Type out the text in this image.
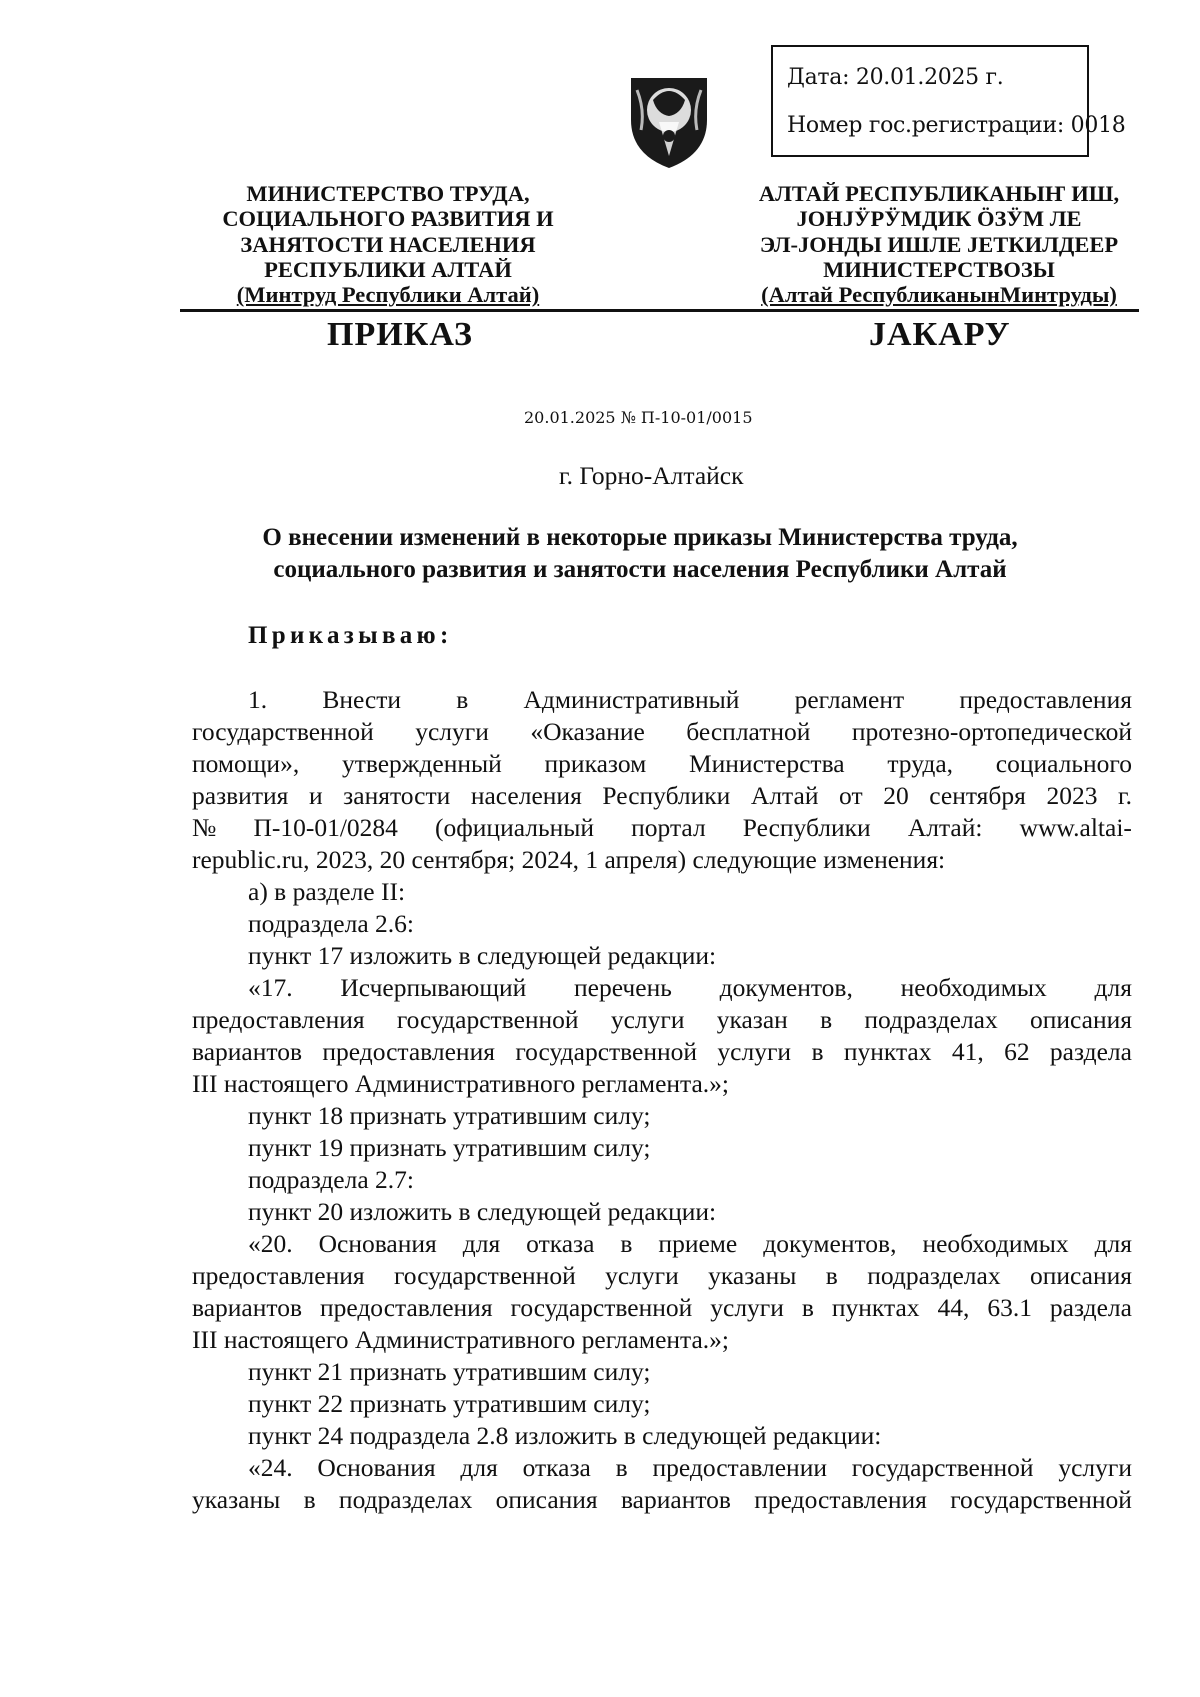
Дата: 20.01.2025 г.
Номер гос.регистрации: 0018
МИНИСТЕРСТВО ТРУДА,
СОЦИАЛЬНОГО РАЗВИТИЯ И
ЗАНЯТОСТИ НАСЕЛЕНИЯ
РЕСПУБЛИКИ АЛТАЙ
(Минтруд Республики Алтай)
АЛТАЙ РЕСПУБЛИКАНЫҤ ИШ,
ЈОНЈӰРӰМДИК ӦЗӰМ ЛЕ
ЭЛ-ЈОНДЫ ИШЛЕ ЈЕТКИЛДЕЕР
МИНИСТЕРСТВОЗЫ
(Алтай РеспубликанынМинтруды)
ПРИКАЗ	ЈАКАРУ
20.01.2025 № П-10-01/0015
г. Горно-Алтайск
О внесении изменений в некоторые приказы Министерства труда,
социального развития и занятости населения Республики Алтай
Приказываю:
1. Внести в Административный регламент предоставления
государственной услуги «Оказание бесплатной протезно-ортопедической
помощи», утвержденный приказом Министерства труда, социального
развития и занятости населения Республики Алтай от 20 сентября 2023 г.
№ П-10-01/0284 (официальный портал Республики Алтай: www.altai-
republic.ru, 2023, 20 сентября; 2024, 1 апреля) следующие изменения:
а) в разделе II:
подраздела 2.6:
пункт 17 изложить в следующей редакции:
«17. Исчерпывающий перечень документов, необходимых для
предоставления государственной услуги указан в подразделах описания
вариантов предоставления государственной услуги в пунктах 41, 62 раздела
III настоящего Административного регламента.»;
пункт 18 признать утратившим силу;
пункт 19 признать утратившим силу;
подраздела 2.7:
пункт 20 изложить в следующей редакции:
«20. Основания для отказа в приеме документов, необходимых для
предоставления государственной услуги указаны в подразделах описания
вариантов предоставления государственной услуги в пунктах 44, 63.1 раздела
III настоящего Административного регламента.»;
пункт 21 признать утратившим силу;
пункт 22 признать утратившим силу;
пункт 24 подраздела 2.8 изложить в следующей редакции:
«24. Основания для отказа в предоставлении государственной услуги
указаны в подразделах описания вариантов предоставления государственной
